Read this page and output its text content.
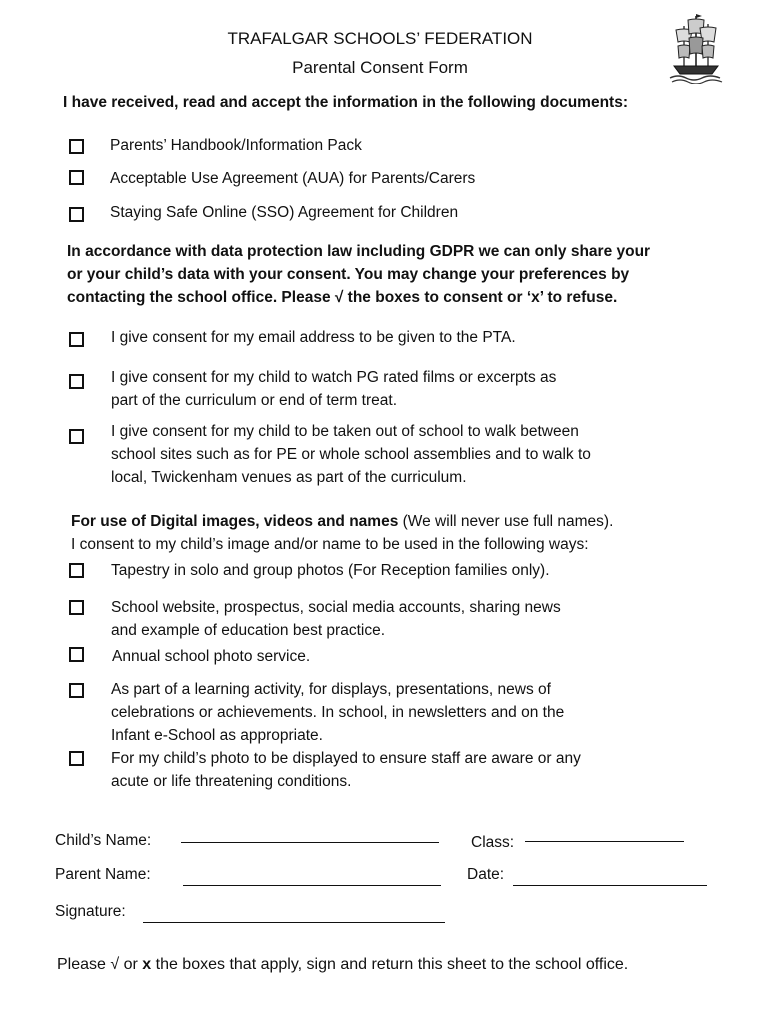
TRAFALGAR SCHOOLS’ FEDERATION
Parental Consent Form
I have received, read and accept the information in the following documents:
Parents’ Handbook/Information Pack
Acceptable Use Agreement (AUA) for Parents/Carers
Staying Safe Online (SSO) Agreement for Children
In accordance with data protection law including GDPR we can only share your
or your child’s data with your consent. You may change your preferences by
contacting the school office. Please √ the boxes to consent or ‘x’ to refuse.
I give consent for my email address to be given to the PTA.
I give consent for my child to watch PG rated films or excerpts as
part of the curriculum or end of term treat.
I give consent for my child to be taken out of school to walk between
school sites such as for PE or whole school assemblies and to walk to
local, Twickenham venues as part of the curriculum.
For use of Digital images, videos and names (We will never use full names).
I consent to my child’s image and/or name to be used in the following ways:
Tapestry in solo and group photos (For Reception families only).
School website, prospectus, social media accounts, sharing news
and example of education best practice.
Annual school photo service.
As part of a learning activity, for displays, presentations, news of
celebrations or achievements. In school, in newsletters and on the
Infant e-School as appropriate.
For my child’s photo to be displayed to ensure staff are aware or any
acute or life threatening conditions.
Child’s Name:	Class:
Parent Name:	Date:
Signature:
Please √ or x the boxes that apply, sign and return this sheet to the school office.
